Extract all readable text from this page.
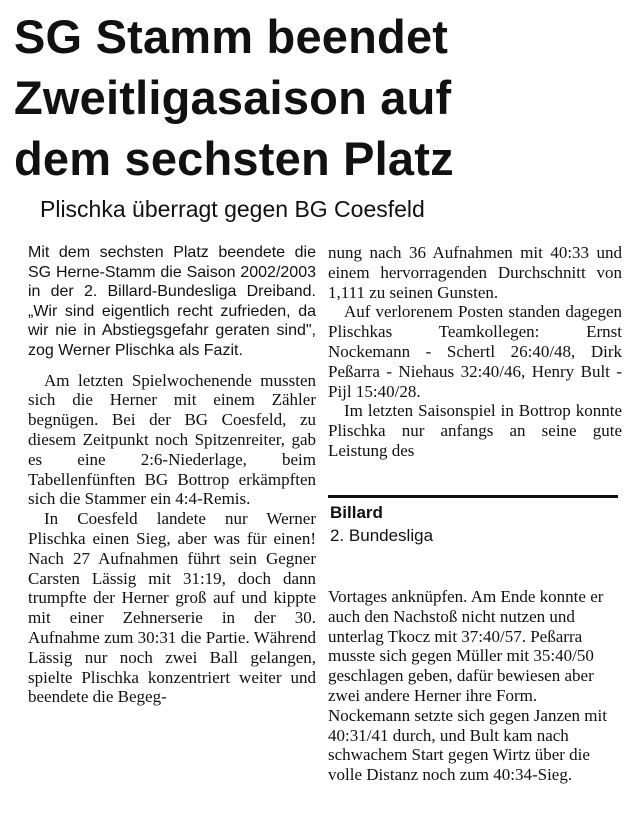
SG Stamm beendet
Zweitligasaison auf
dem sechsten Platz
Plischka überragt gegen BG Coesfeld

Mit dem sechsten Platz beendete die SG Herne-Stamm die Saison 2002/2003 in der 2. Billard-Bundesliga Dreiband. „Wir sind eigentlich recht zufrieden, da wir nie in Abstiegsgefahr geraten sind", zog Werner Plischka als Fazit.

Am letzten Spielwochenende mussten sich die Herner mit einem Zähler begnügen. Bei der BG Coesfeld, zu diesem Zeitpunkt noch Spitzenreiter, gab es eine 2:6-Niederlage, beim Tabellenfünften BG Bottrop erkämpften sich die Stammer ein 4:4-Remis.

In Coesfeld landete nur Werner Plischka einen Sieg, aber was für einen! Nach 27 Aufnahmen führt sein Gegner Carsten Lässig mit 31:19, doch dann trumpfte der Herner groß auf und kippte mit einer Zehnerserie in der 30. Aufnahme zum 30:31 die Partie. Während Lässig nur noch zwei Ball gelangen, spielte Plischka konzentriert weiter und beendete die Begeg-

nung nach 36 Aufnahmen mit 40:33 und einem hervorragenden Durchschnitt von 1,111 zu seinen Gunsten.

Auf verlorenem Posten standen dagegen Plischkas Teamkollegen: Ernst Nockemann - Schertl 26:40/48, Dirk Peßarra - Niehaus 32:40/46, Henry Bult - Pijl 15:40/28.

Im letzten Saisonspiel in Bottrop konnte Plischka nur anfangs an seine gute Leistung des

Billard
2. Bundesliga

Vortages anknüpfen. Am Ende konnte er auch den Nachstoß nicht nutzen und unterlag Tkocz mit 37:40/57. Peßarra musste sich gegen Müller mit 35:40/50 geschlagen geben, dafür bewiesen aber zwei andere Herner ihre Form. Nockemann setzte sich gegen Janzen mit 40:31/41 durch, und Bult kam nach schwachem Start gegen Wirtz über die volle Distanz noch zum 40:34-Sieg.
